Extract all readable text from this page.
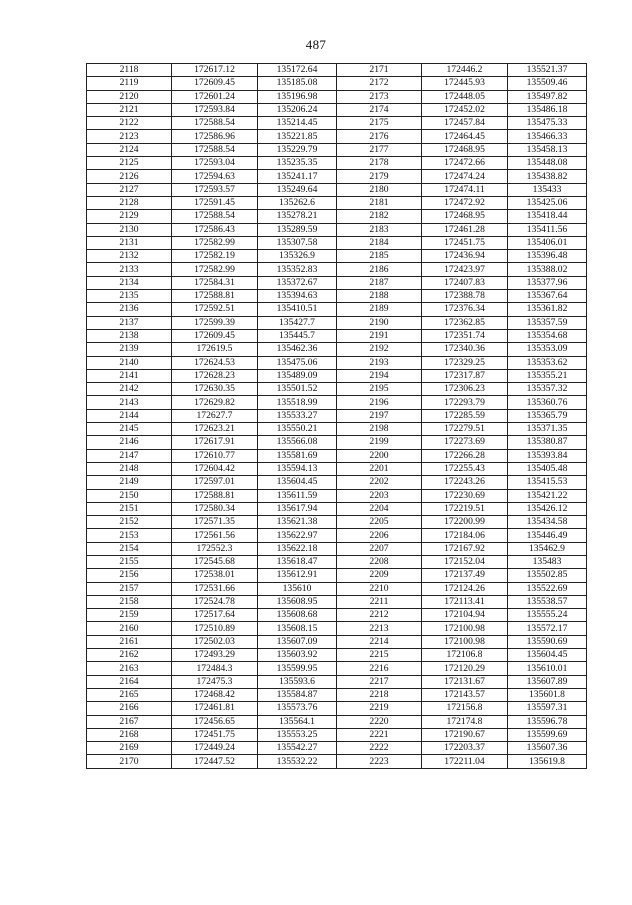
487
2118	172617.12	135172.64	2171	172446.2	135521.37
2119	172609.45	135185.08	2172	172445.93	135509.46
2120	172601.24	135196.98	2173	172448.05	135497.82
2121	172593.84	135206.24	2174	172452.02	135486.18
2122	172588.54	135214.45	2175	172457.84	135475.33
2123	172586.96	135221.85	2176	172464.45	135466.33
2124	172588.54	135229.79	2177	172468.95	135458.13
2125	172593.04	135235.35	2178	172472.66	135448.08
2126	172594.63	135241.17	2179	172474.24	135438.82
2127	172593.57	135249.64	2180	172474.11	135433
2128	172591.45	135262.6	2181	172472.92	135425.06
2129	172588.54	135278.21	2182	172468.95	135418.44
2130	172586.43	135289.59	2183	172461.28	135411.56
2131	172582.99	135307.58	2184	172451.75	135406.01
2132	172582.19	135326.9	2185	172436.94	135396.48
2133	172582.99	135352.83	2186	172423.97	135388.02
2134	172584.31	135372.67	2187	172407.83	135377.96
2135	172588.81	135394.63	2188	172388.78	135367.64
2136	172592.51	135410.51	2189	172376.34	135361.82
2137	172599.39	135427.7	2190	172362.85	135357.59
2138	172609.45	135445.7	2191	172351.74	135354.68
2139	172619.5	135462.36	2192	172340.36	135353.09
2140	172624.53	135475.06	2193	172329.25	135353.62
2141	172628.23	135489.09	2194	172317.87	135355.21
2142	172630.35	135501.52	2195	172306.23	135357.32
2143	172629.82	135518.99	2196	172293.79	135360.76
2144	172627.7	135533.27	2197	172285.59	135365.79
2145	172623.21	135550.21	2198	172279.51	135371.35
2146	172617.91	135566.08	2199	172273.69	135380.87
2147	172610.77	135581.69	2200	172266.28	135393.84
2148	172604.42	135594.13	2201	172255.43	135405.48
2149	172597.01	135604.45	2202	172243.26	135415.53
2150	172588.81	135611.59	2203	172230.69	135421.22
2151	172580.34	135617.94	2204	172219.51	135426.12
2152	172571.35	135621.38	2205	172200.99	135434.58
2153	172561.56	135622.97	2206	172184.06	135446.49
2154	172552.3	135622.18	2207	172167.92	135462.9
2155	172545.68	135618.47	2208	172152.04	135483
2156	172538.01	135612.91	2209	172137.49	135502.85
2157	172531.66	135610	2210	172124.26	135522.69
2158	172524.78	135608.95	2211	172113.41	135538.57
2159	172517.64	135608.68	2212	172104.94	135555.24
2160	172510.89	135608.15	2213	172100.98	135572.17
2161	172502.03	135607.09	2214	172100.98	135590.69
2162	172493.29	135603.92	2215	172106.8	135604.45
2163	172484.3	135599.95	2216	172120.29	135610.01
2164	172475.3	135593.6	2217	172131.67	135607.89
2165	172468.42	135584.87	2218	172143.57	135601.8
2166	172461.81	135573.76	2219	172156.8	135597.31
2167	172456.65	135564.1	2220	172174.8	135596.78
2168	172451.75	135553.25	2221	172190.67	135599.69
2169	172449.24	135542.27	2222	172203.37	135607.36
2170	172447.52	135532.22	2223	172211.04	135619.8
